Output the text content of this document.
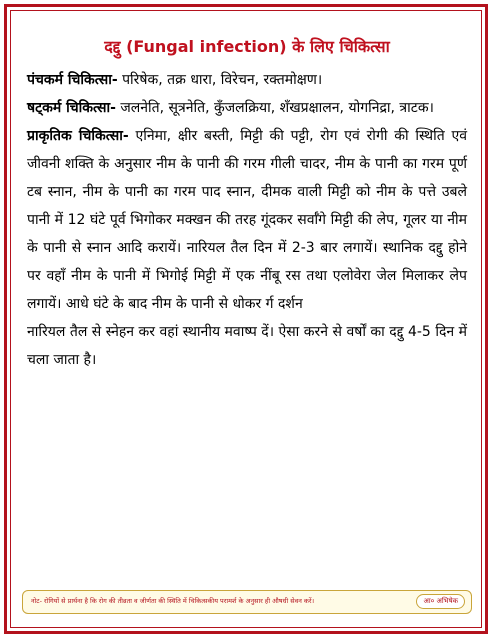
दद्दु (Fungal infection) के लिए चिकित्सा

पंचकर्म चिकित्सा- परिषेक, तक्र धारा, विरेचन, रक्तमोक्षण।

षट्कर्म चिकित्सा- जलनेति, सूत्रनेति, कुँजलक्रिया, शँखप्रक्षालन, योगनिद्रा, त्राटक।

प्राकृतिक चिकित्सा- एनिमा, क्षीर बस्ती, मिट्टी की पट्टी, रोग एवं रोगी की स्थिति एवं जीवनी शक्ति के अनुसार नीम के पानी की गरम गीली चादर, नीम के पानी का गरम पूर्ण टब स्नान, नीम के पानी का गरम पाद स्नान, दीमक वाली मिट्टी को नीम के पत्ते उबले पानी में 12 घंटे पूर्व भिगोकर मक्खन की तरह गूंदकर सर्वाँगे मिट्टी की लेप, गूलर या नीम के पानी से स्नान आदि करायें। नारियल तैल दिन में 2-3 बार लगायें। स्थानिक दद्दु होने पर वहाँ नीम के पानी में भिगोई मिट्टी में एक नींबू रस तथा एलोवेरा जेल मिलाकर लेप लगायें। आधे घंटे के बाद नीम के पानी से धोकर र्ग दर्शन

नारियल तैल से स्नेहन कर वहां स्थानीय मवाष्प दें। ऐसा करने से वर्षों का दद्दु 4-5 दिन में चला जाता है।

नोट- रोगियों से प्रार्थना है कि रोग की तीव्रता व जीर्णता की स्थिति में चिकित्सकीय परामर्श के अनुसार ही औषधी सेवन करें।	आ० अभिषेक
